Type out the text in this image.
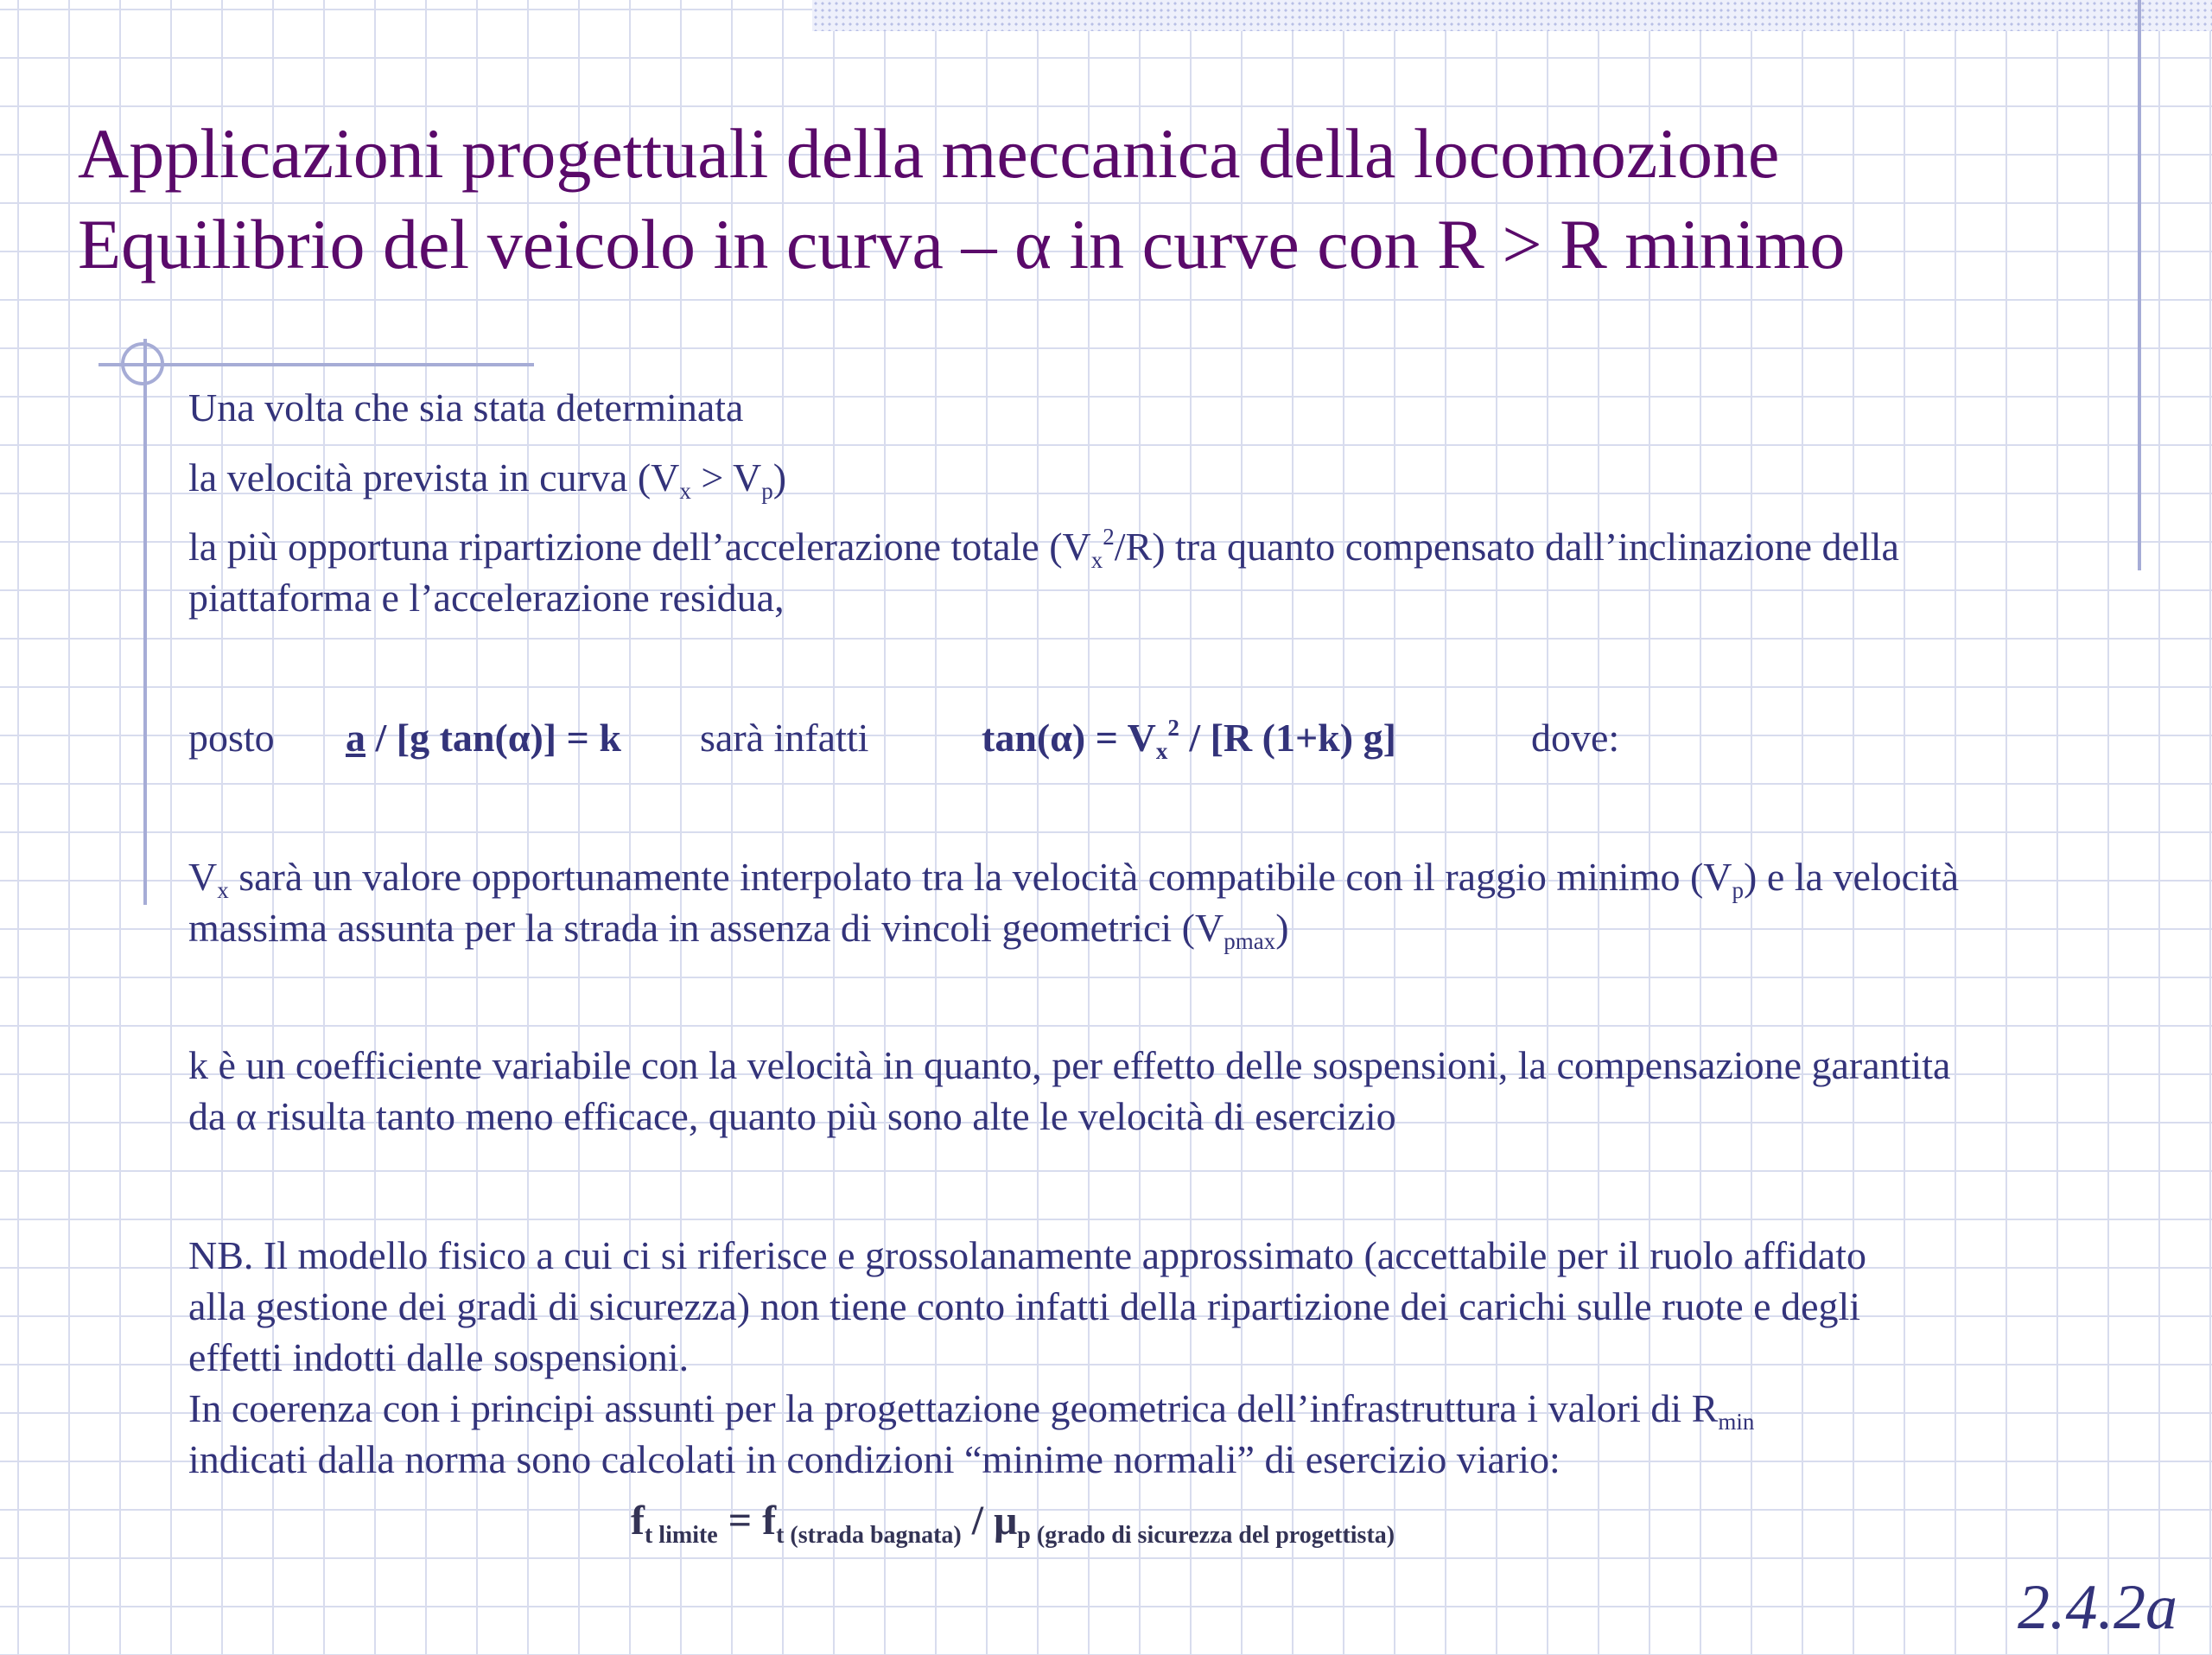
Applicazioni progettuali della meccanica della locomozione
Equilibrio del veicolo in curva – α in curve con R > R minimo
Una volta che sia stata determinata
la velocità prevista in curva $(V_x > V_p)$
la più opportuna ripartizione dell’accelerazione totale $(V_x^2/R)$ tra quanto compensato dall’inclinazione della
piattaforma e l’accelerazione residua,
posto a / [g tan(α)] = k sarà infatti	$\tan(\alpha) = V_x^2 / [R$ (1+k) g]	dove:
$V_x$ sarà un valore opportunamente interpolato tra la velocità compatibile con il raggio minimo $(V_p)$ e la velocità
massima assunta per la strada in assenza di vincoli geometrici $(V_{pmax})$
k è un coefficiente variabile con la velocità in quanto, per effetto delle sospensioni, la compensazione garantita
da α risulta tanto meno efficace, quanto più sono alte le velocità di esercizio
NB. Il modello fisico a cui ci si riferisce e grossolanamente approssimato (accettabile per il ruolo affidato
alla gestione dei gradi di sicurezza) non tiene conto infatti della ripartizione dei carichi sulle ruote e degli
effetti indotti dalle sospensioni.
In coerenza con i principi assunti per la progettazione geometrica dell’infrastruttura i valori di $R_{min}$
indicati dalla norma sono calcolati in condizioni “minime normali” di esercizio viario:
$f_{t limite} = f_{t (strada bagnata)} / \mu_{p (grado di sicurezza del progettista)}$
2.4.2a
